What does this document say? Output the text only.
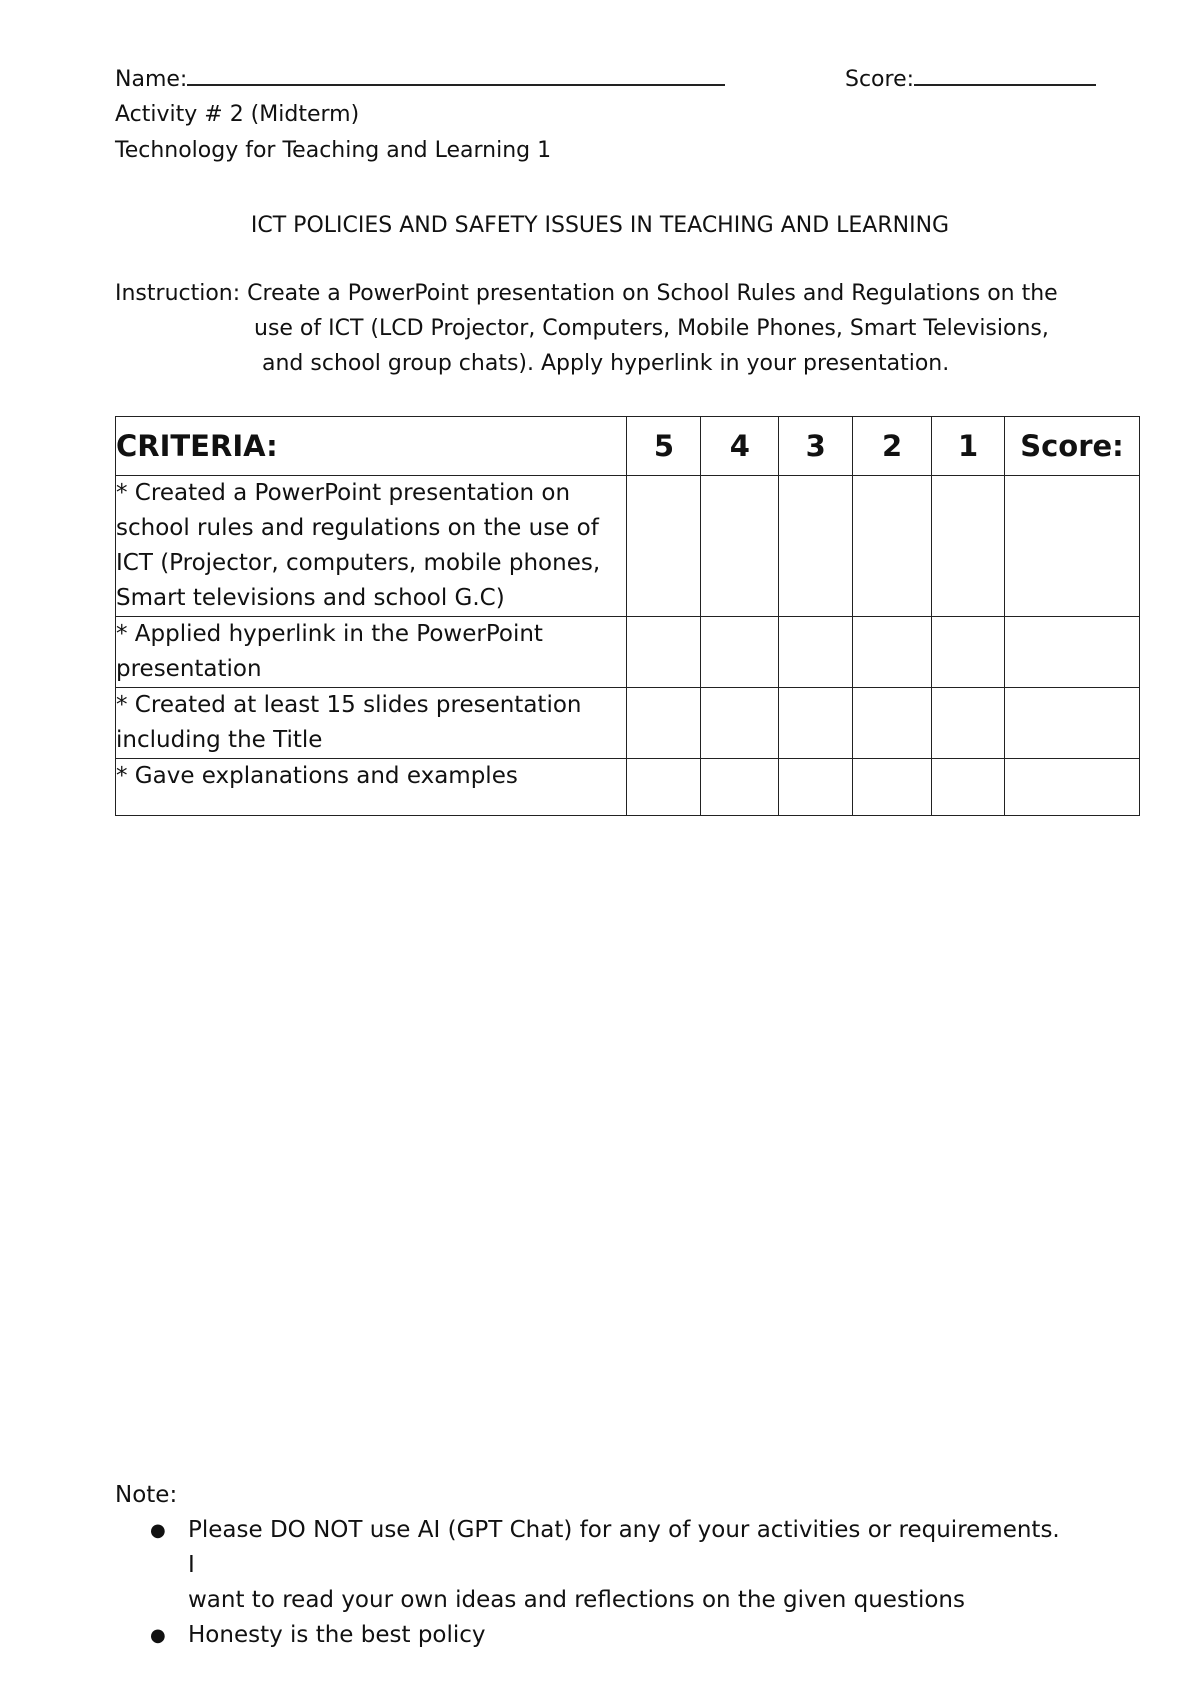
Name:	Score:
Activity # 2 (Midterm)
Technology for Teaching and Learning 1
ICT POLICIES AND SAFETY ISSUES IN TEACHING AND LEARNING
Instruction: Create a PowerPoint presentation on School Rules and Regulations on the
use of ICT (LCD Projector, Computers, Mobile Phones, Smart Televisions,
and school group chats). Apply hyperlink in your presentation.
CRITERIA:	5	4	3	2	1	Score:

* Created a PowerPoint presentation on
school rules and regulations on the use of
ICT (Projector, computers, mobile phones,
Smart televisions and school G.C)						

* Applied hyperlink in the PowerPoint
presentation						

* Created at least 15 slides presentation
including the Title						

* Gave explanations and examples						

Note:
● Please DO NOT use AI (GPT Chat) for any of your activities or requirements. I
want to read your own ideas and reflections on the given questions
● Honesty is the best policy
